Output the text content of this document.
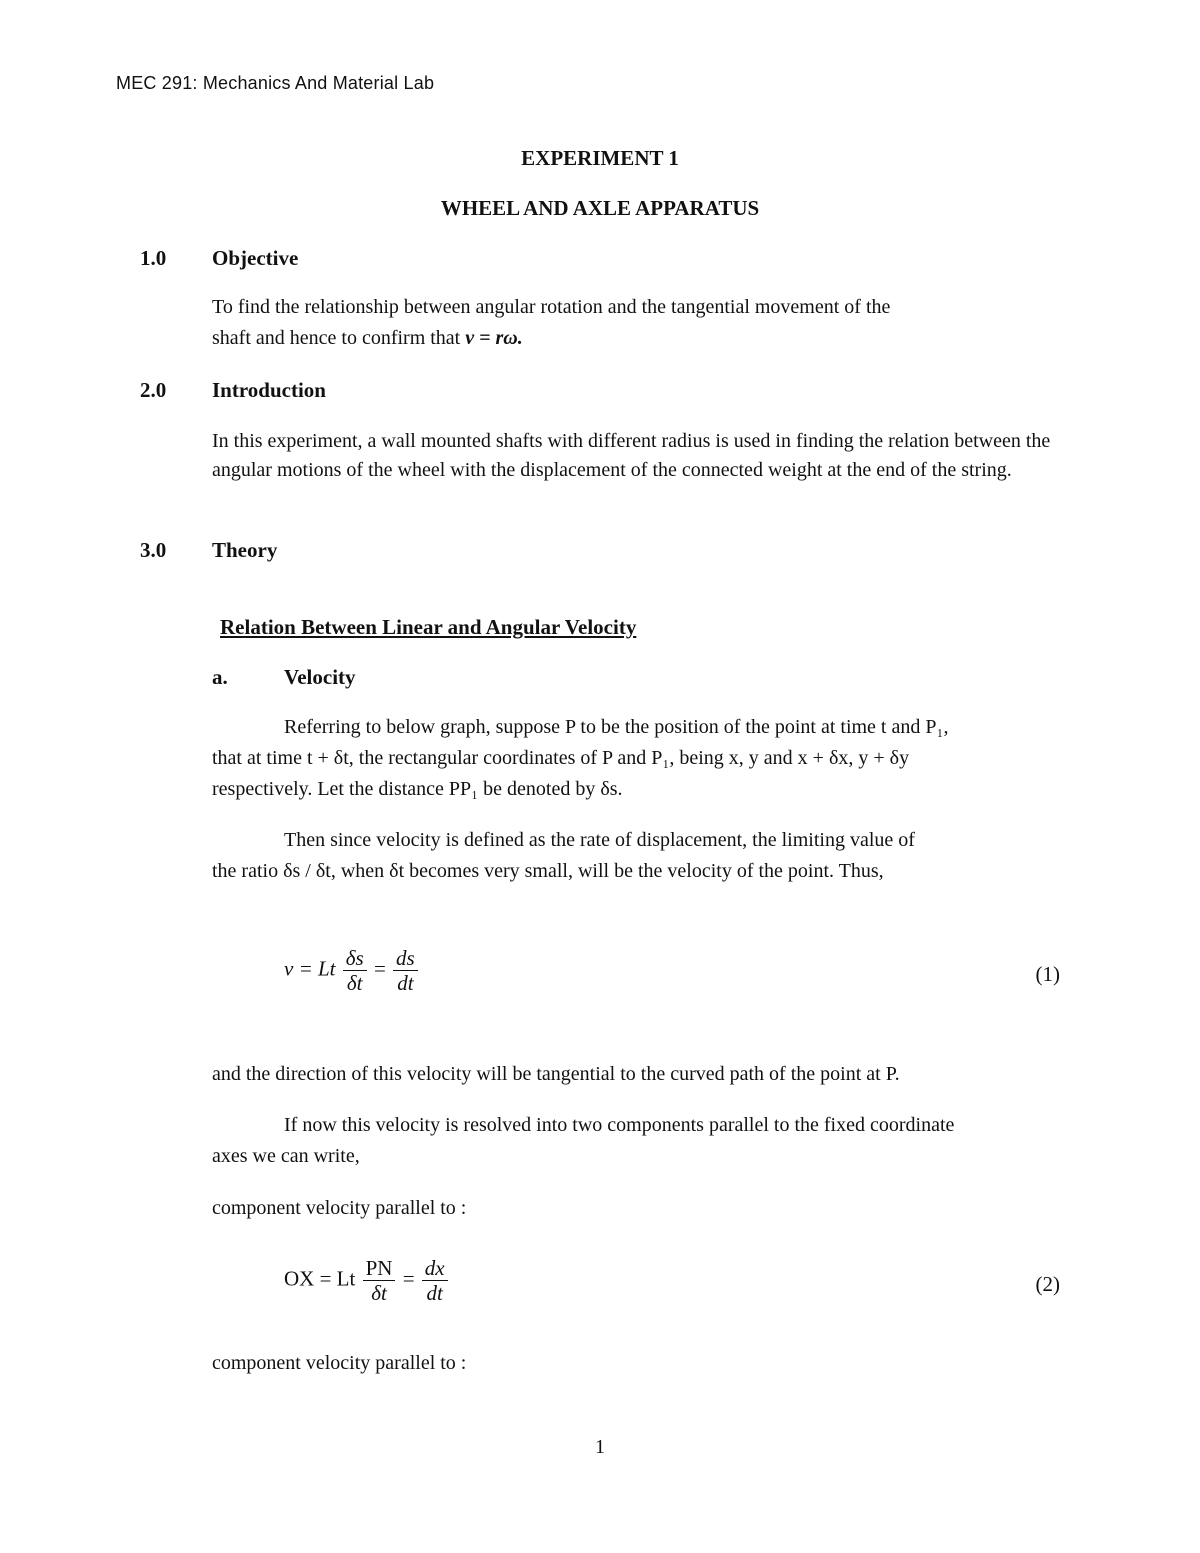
MEC 291: Mechanics And Material Lab
EXPERIMENT 1
WHEEL AND AXLE APPARATUS
1.0 Objective
To find the relationship between angular rotation and the tangential movement of the
shaft and hence to confirm that v = rω.
2.0 Introduction

In this experiment, a wall mounted shafts with different radius is used in finding the relation between the angular motions of the wheel with the displacement of the connected weight at the end of the string.

3.0 Theory
Relation Between Linear and Angular Velocity
a.	Velocity
Referring to below graph, suppose P to be the position of the point at time t and P₁,
that at time t + δt, the rectangular coordinates of P and P₁, being x, y and x + δx, y + δy
respectively. Let the distance PP₁ be denoted by δs.
Then since velocity is defined as the rate of displacement, the limiting value of
the ratio δs / δt, when δt becomes very small, will be the velocity of the point. Thus,
v = Lt $\frac{\delta s}{\delta t} = \frac{ds}{dt}$	(1)
and the direction of this velocity will be tangential to the curved path of the point at P.
If now this velocity is resolved into two components parallel to the fixed coordinate
axes we can write,
component velocity parallel to :
OX = Lt $\frac{PN}{\delta t} = \frac{dx}{dt}$	(2)
component velocity parallel to :
1
